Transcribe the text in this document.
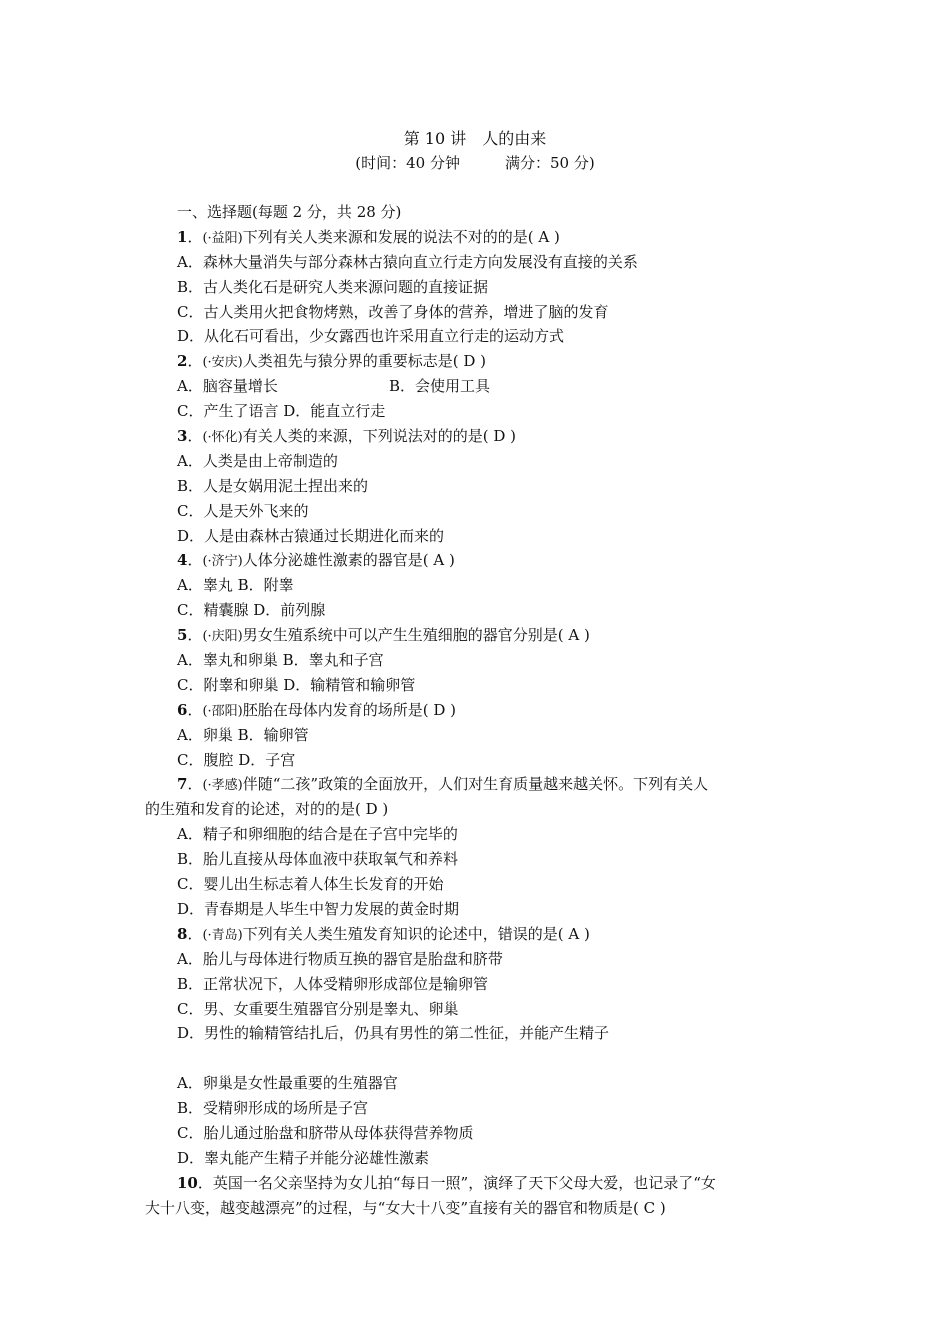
第 10 讲　人的由来
(时间：40 分钟　　　满分：50 分)
一、选择题(每题 2 分，共 28 分)
1．(·益阳)下列有关人类来源和发展的说法不对的的是( A )
A．森林大量消失与部分森林古猿向直立行走方向发展没有直接的关系
B．古人类化石是研究人类来源问题的直接证据
C．古人类用火把食物烤熟，改善了身体的营养，增进了脑的发育
D．从化石可看出，少女露西也许采用直立行走的运动方式
2．(·安庆)人类祖先与猿分界的重要标志是( D )
A．脑容量增长	B．会使用工具
C．产生了语言 D．能直立行走
3．(·怀化)有关人类的来源，下列说法对的的是( D )
A．人类是由上帝制造的
B．人是女娲用泥土捏出来的
C．人是天外飞来的
D．人是由森林古猿通过长期进化而来的
4．(·济宁)人体分泌雄性激素的器官是( A )
A．睾丸 B．附睾
C．精囊腺 D．前列腺
5．(·庆阳)男女生殖系统中可以产生生殖细胞的器官分别是( A )
A．睾丸和卵巢 B．睾丸和子宫
C．附睾和卵巢 D．输精管和输卵管
6．(·邵阳)胚胎在母体内发育的场所是( D )
A．卵巢 B．输卵管
C．腹腔 D．子宫
7．(·孝感)伴随“二孩”政策的全面放开，人们对生育质量越来越关怀。下列有关人
的生殖和发育的论述，对的的是( D )
A．精子和卵细胞的结合是在子宫中完毕的
B．胎儿直接从母体血液中获取氧气和养料
C．婴儿出生标志着人体生长发育的开始
D．青春期是人毕生中智力发展的黄金时期
8．(·青岛)下列有关人类生殖发育知识的论述中，错误的是( A )
A．胎儿与母体进行物质互换的器官是胎盘和脐带
B．正常状况下，人体受精卵形成部位是输卵管
C．男、女重要生殖器官分别是睾丸、卵巢
D．男性的输精管结扎后，仍具有男性的第二性征，并能产生精子
A．卵巢是女性最重要的生殖器官
B．受精卵形成的场所是子宫
C．胎儿通过胎盘和脐带从母体获得营养物质
D．睾丸能产生精子并能分泌雄性激素
10．英国一名父亲坚持为女儿拍“每日一照”，演绎了天下父母大爱，也记录了“女
大十八变，越变越漂亮”的过程，与“女大十八变”直接有关的器官和物质是( C )
